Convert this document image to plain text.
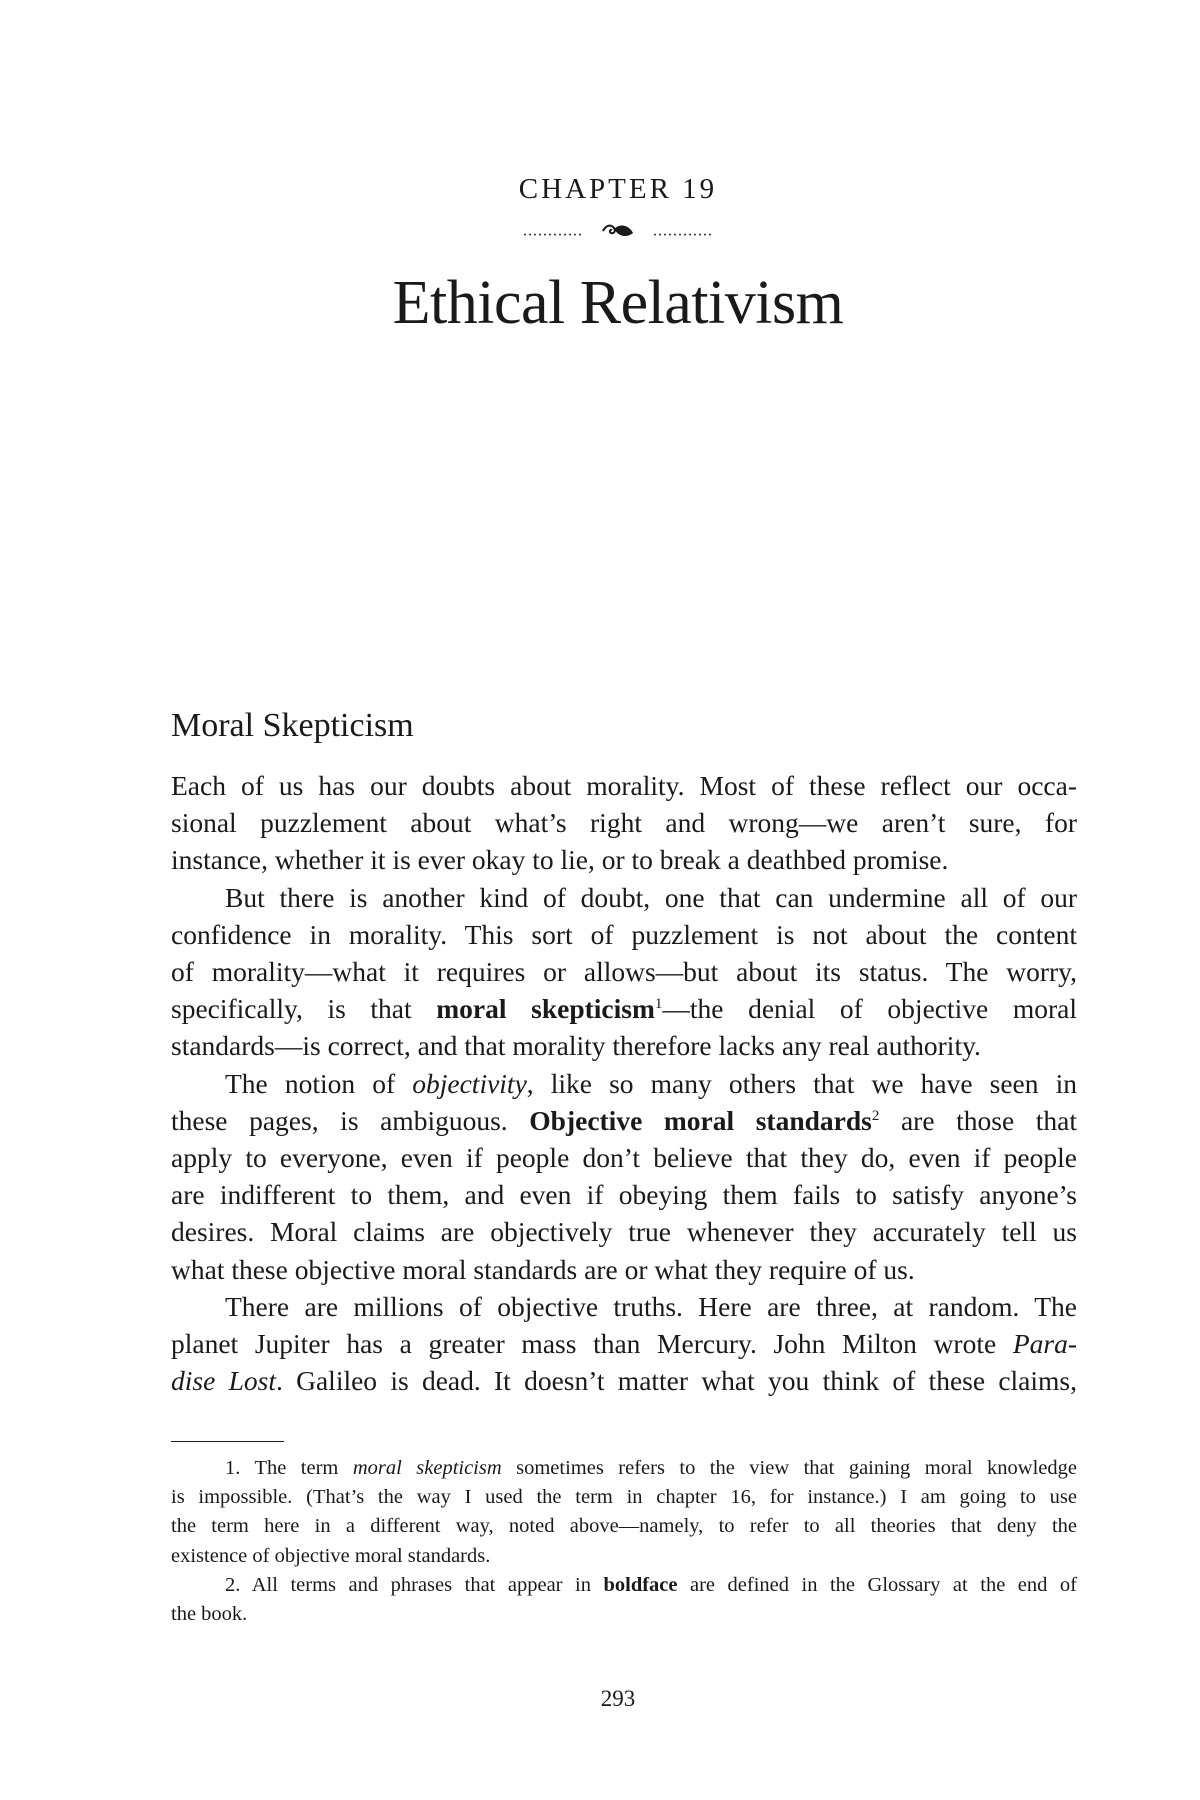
CHAPTER 19
............	............
Ethical Relativism
Moral Skepticism

Each of us has our doubts about morality. Most of these reflect our occa-
sional puzzlement about what’s right and wrong—we aren’t sure, for
instance, whether it is ever okay to lie, or to break a deathbed promise.

But there is another kind of doubt, one that can undermine all of our
confidence in morality. This sort of puzzlement is not about the content
of morality—what it requires or allows—but about its status. The worry,
specifically, is that moral skepticism$^1$—the denial of objective moral
standards—is correct, and that morality therefore lacks any real authority.

The notion of objectivity, like so many others that we have seen in
these pages, is ambiguous. Objective moral standards$^2$ are those that
apply to everyone, even if people don’t believe that they do, even if people
are indifferent to them, and even if obeying them fails to satisfy anyone’s
desires. Moral claims are objectively true whenever they accurately tell us
what these objective moral standards are or what they require of us.

There are millions of objective truths. Here are three, at random. The
planet Jupiter has a greater mass than Mercury. John Milton wrote Para-
dise Lost. Galileo is dead. It doesn’t matter what you think of these claims,

1. The term moral skepticism sometimes refers to the view that gaining moral knowledge
is impossible. (That’s the way I used the term in chapter 16, for instance.) I am going to use
the term here in a different way, noted above—namely, to refer to all theories that deny the
existence of objective moral standards.

2. All terms and phrases that appear in boldface are defined in the Glossary at the end of
the book.

293
